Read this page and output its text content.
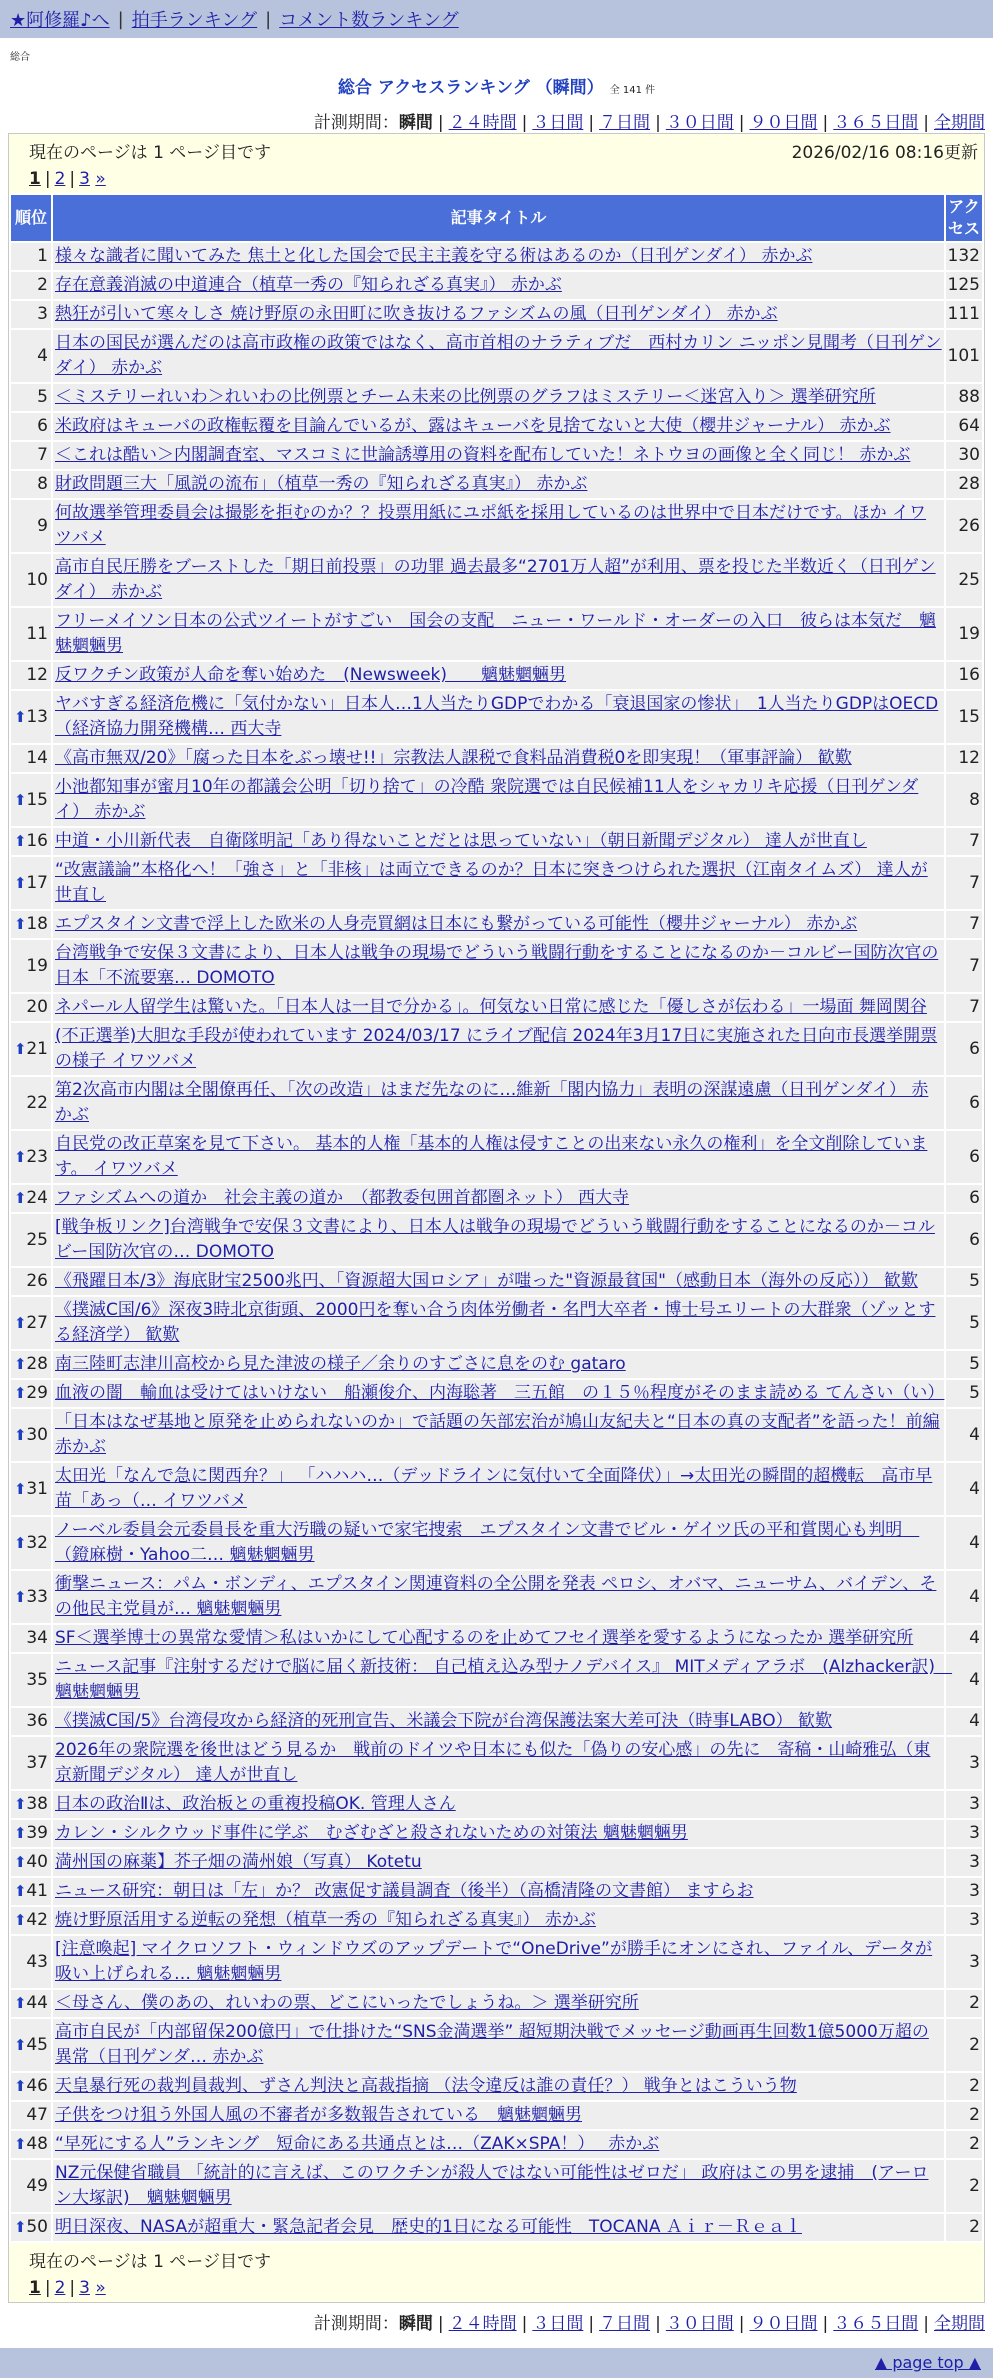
★阿修羅♪へ | 拍手ランキング | コメント数ランキング
総合
総合 アクセスランキング （瞬間） 全 141 件
計測期間：瞬間 | ２４時間 | ３日間 | ７日間 | ３０日間 | ９０日間 | ３６５日間 | 全期間
現在のページは 1 ページ目です	2026/02/16 08:16更新
1 | 2 | 3 »
順位	記事タイトル	アクセス
1	様々な識者に聞いてみた 焦土と化した国会で民主主義を守る術はあるのか（日刊ゲンダイ） 赤かぶ	132
2	存在意義消滅の中道連合（植草一秀の『知られざる真実』） 赤かぶ	125
3	熱狂が引いて寒々しさ 焼け野原の永田町に吹き抜けるファシズムの風（日刊ゲンダイ） 赤かぶ	111
4	日本の国民が選んだのは高市政権の政策ではなく、高市首相のナラティブだ　西村カリン ニッポン見聞考（日刊ゲンダイ） 赤かぶ	101
5	＜ミステリーれいわ＞れいわの比例票とチーム未来の比例票のグラフはミステリー＜迷宮入り＞ 選挙研究所	88
6	米政府はキューバの政権転覆を目論んでいるが、露はキューバを見捨てないと大使（櫻井ジャーナル） 赤かぶ	64
7	＜これは酷い＞内閣調査室、マスコミに世論誘導用の資料を配布していた！ネトウヨの画像と全く同じ！ 赤かぶ	30
8	財政問題三大「風説の流布」（植草一秀の『知られざる真実』） 赤かぶ	28
9	何故選挙管理委員会は撮影を拒むのか？？投票用紙にユポ紙を採用しているのは世界中で日本だけです。ほか イワツバメ	26
10	高市自民圧勝をブーストした「期日前投票」の功罪 過去最多“2701万人超”が利用、票を投じた半数近く（日刊ゲンダイ） 赤かぶ	25
11	フリーメイソン日本の公式ツイートがすごい　国会の支配　ニュー・ワールド・オーダーの入口　彼らは本気だ　魑魅魍魎男	19
12	反ワクチン政策が人命を奪い始めた　(Newsweek)　　魑魅魍魎男	16

⬆ 13	ヤバすぎる経済危機に「気付かない」日本人…1人当たりGDPでわかる「衰退国家の惨状」　1人当たりGDPはOECD（経済協力開発機構… 西大寺	15
14	《高市無双/20》「腐った日本をぶっ壊せ!!」宗教法人課税で食料品消費税0を即実現！（軍事評論） 歓歎	12

⬆ 15	小池都知事が蜜月10年の都議会公明「切り捨て」の冷酷 衆院選では自民候補11人をシャカリキ応援（日刊ゲンダイ） 赤かぶ	8

⬆ 16	中道・小川新代表　自衛隊明記「あり得ないことだとは思っていない」（朝日新聞デジタル） 達人が世直し	7

⬆ 17	“改憲議論”本格化へ！「強さ」と「非核」は両立できるのか？日本に突きつけられた選択（江南タイムズ） 達人が世直し	7

⬆ 18	エプスタイン文書で浮上した欧米の人身売買網は日本にも繋がっている可能性（櫻井ジャーナル） 赤かぶ	7
19	台湾戦争で安保３文書により、日本人は戦争の現場でどういう戦闘行動をすることになるのか－コルビー国防次官の日本「不流要塞… DOMOTO	7
20	ネパール人留学生は驚いた。「日本人は一目で分かる」。何気ない日常に感じた「優しさが伝わる」一場面 舞岡関谷	7

⬆ 21	(不正選挙)大胆な手段が使われています 2024/03/17 にライブ配信 2024年3月17日に実施された日向市長選挙開票の様子 イワツバメ	6
22	第2次高市内閣は全閣僚再任、「次の改造」はまだ先なのに…維新「閣内協力」表明の深謀遠慮（日刊ゲンダイ） 赤かぶ	6

⬆ 23	自民党の改正草案を見て下さい。 基本的人権「基本的人権は侵すことの出来ない永久の権利」を全文削除しています。 イワツバメ	6

⬆ 24	ファシズムへの道か　社会主義の道か　（都教委包囲首都圏ネット） 西大寺	6
25	[戦争板リンク]台湾戦争で安保３文書により、日本人は戦争の現場でどういう戦闘行動をすることになるのか－コルビー国防次官の… DOMOTO	6
26	《飛躍日本/3》海底財宝2500兆円、「資源超大国ロシア」が嗤った"資源最貧国"（感動日本（海外の反応）） 歓歎	5

⬆ 27	《撲滅C国/6》深夜3時北京街頭、2000円を奪い合う肉体労働者・名門大卒者・博士号エリートの大群衆（ゾッとする経済学） 歓歎	5

⬆ 28	南三陸町志津川高校から見た津波の様子／余りのすごさに息をのむ gataro	5

⬆ 29	血液の闇　輸血は受けてはいけない　船瀬俊介、内海聡著　三五館　の１５％程度がそのまま読める てんさい（い）	5

⬆ 30	「日本はなぜ基地と原発を止められないのか」で話題の矢部宏治が鳩山友紀夫と“日本の真の支配者”を語った！前編 赤かぶ	4

⬆ 31	太田光「なんで急に関西弁？」 「ハハハ…（デッドラインに気付いて全面降伏）」→太田光の瞬間的超機転　高市早苗「あっ（… イワツバメ	4

⬆ 32	ノーベル委員会元委員長を重大汚職の疑いで家宅捜索　エプスタイン文書でビル・ゲイツ氏の平和賞関心も判明　（鐙麻樹・Yahoo二… 魑魅魍魎男	4

⬆ 33	衝撃ニュース：パム・ボンディ、エプスタイン関連資料の全公開を発表 ペロシ、オバマ、ニューサム、バイデン、その他民主党員が… 魑魅魍魎男	4
34	SF＜選挙博士の異常な愛情＞私はいかにして心配するのを止めてフセイ選挙を愛するようになったか 選挙研究所	4
35	ニュース記事『注射するだけで脳に届く新技術： 自己植え込み型ナノデバイス』 MITメディアラボ　(Alzhacker訳)　魑魅魍魎男	4
36	《撲滅C国/5》台湾侵攻から経済的死刑宣告、米議会下院が台湾保護法案大差可決（時事LABO） 歓歎	4
37	2026年の衆院選を後世はどう見るか　戦前のドイツや日本にも似た「偽りの安心感」の先に　寄稿・山崎雅弘（東京新聞デジタル） 達人が世直し	3

⬆ 38	日本の政治Ⅱは、政治板との重複投稿OK. 管理人さん	3

⬆ 39	カレン・シルクウッド事件に学ぶ　むざむざと殺されないための対策法 魑魅魍魎男	3

⬆ 40	満州国の麻薬】芥子畑の満州娘（写真） Kotetu	3

⬆ 41	ニュース研究：朝日は「左」か？ 改憲促す議員調査（後半）（高橋清隆の文書館） ますらお	3

⬆ 42	焼け野原活用する逆転の発想（植草一秀の『知られざる真実』） 赤かぶ	3
43	[注意喚起] マイクロソフト・ウィンドウズのアップデートで“OneDrive”が勝手にオンにされ、ファイル、データが吸い上げられる… 魑魅魍魎男	3

⬆ 44	＜母さん、僕のあの、れいわの票、どこにいったでしょうね。＞ 選挙研究所	2

⬆ 45	高市自民が「内部留保200億円」で仕掛けた“SNS金満選挙” 超短期決戦でメッセージ動画再生回数1億5000万超の異常（日刊ゲンダ… 赤かぶ	2

⬆ 46	天皇暴行死の裁判員裁判、ずさん判決と高裁指摘 （法令違反は誰の責任？） 戦争とはこういう物	2
47	子供をつけ狙う外国人風の不審者が多数報告されている　魑魅魍魎男	2

⬆ 48	“早死にする人”ランキング　短命にある共通点とは…（ZAK×SPA！）　 赤かぶ	2
49	NZ元保健省職員 「統計的に言えば、このワクチンが殺人ではない可能性はゼロだ」 政府はこの男を逮捕　(アーロン大塚訳)　魑魅魍魎男	2

⬆ 50	明日深夜、NASAが超重大・緊急記者会見　歴史的1日になる可能性　TOCANA Ａｉｒ－Ｒｅａｌ	2
現在のページは 1 ページ目です
1 | 2 | 3 »
計測期間：瞬間 | ２４時間 | ３日間 | ７日間 | ３０日間 | ９０日間 | ３６５日間 | 全期間
▲ page top ▲
